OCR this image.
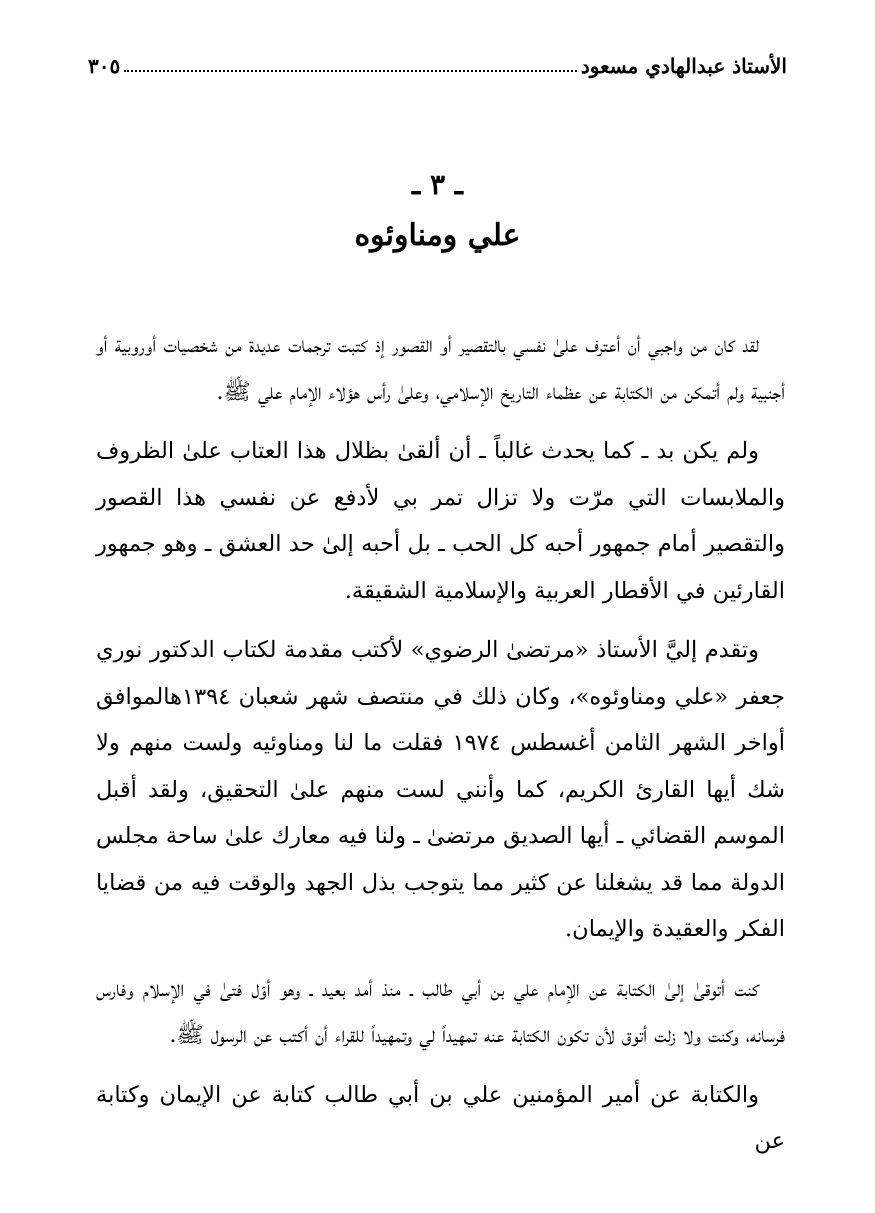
الأستاذ عبدالهادي مسعود
٣٠٥
ـ ٣ ـ
علي ومناوئوه

لقد كان من واجبي أن أعترف علىٰ نفسي بالتقصير أو القصور إذ كتبت ترجمات عديدة من شخصيات أوروبية أو أجنبية ولم أتمكن من الكتابة عن عظماء التاريخ الإسلامي، وعلىٰ رأس هؤلاء الإمام علي ﷺ.

ولم يكن بد ـ كما يحدث غالباً ـ أن ألقىٰ بظلال هذا العتاب علىٰ الظروف والملابسات التي مرّت ولا تزال تمر بي لأدفع عن نفسي هذا القصور والتقصير أمام جمهور أحبه كل الحب ـ بل أحبه إلىٰ حد العشق ـ وهو جمهور القارئين في الأقطار العربية والإسلامية الشقيقة.

وتقدم إليَّ الأستاذ «مرتضىٰ الرضوي» لأكتب مقدمة لكتاب الدكتور نوري جعفر «علي ومناوئوه»، وكان ذلك في منتصف شهر شعبان ١٣٩٤هالموافق أواخر الشهر الثامن أغسطس ١٩٧٤ فقلت ما لنا ومناوئيه ولست منهم ولا شك أيها القارئ الكريم، كما وأنني لست منهم علىٰ التحقيق، ولقد أقبل الموسم القضائي ـ أيها الصديق مرتضىٰ ـ ولنا فيه معارك علىٰ ساحة مجلس الدولة مما قد يشغلنا عن كثير مما يتوجب بذل الجهد والوقت فيه من قضايا الفكر والعقيدة والإيمان.

كنت أتوقىٰ إلىٰ الكتابة عن الإمام علي بن أبي طالب ـ منذ أمد بعيد ـ وهو أوّل فتىٰ في الإسلام وفارس فرسانه، وكنت ولا زلت أتوق لأن تكون الكتابة عنه تمهيداً لي وتمهيداً للقراء أن أكتب عن الرسول ﷺ.

والكتابة عن أمير المؤمنين علي بن أبي طالب كتابة عن الإيمان وكتابة عن
